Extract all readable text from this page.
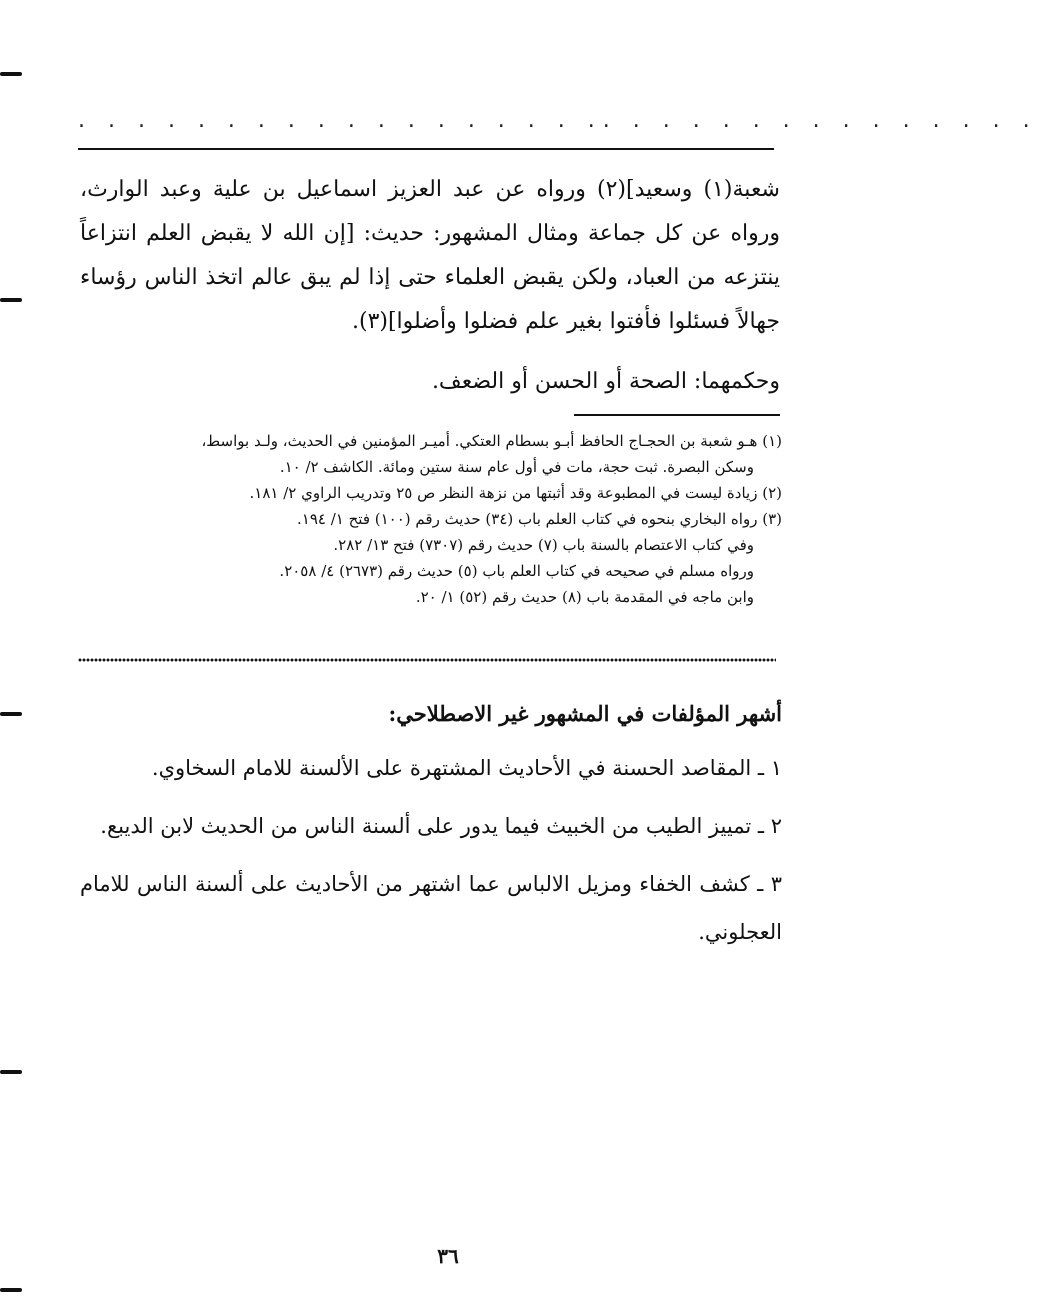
. . . . . . . . . . . . . . . . . . . . . . . . . . . . . . . . .

شعبة(١) وسعيد](٢) ورواه عن عبد العزيز اسماعيل بن علية وعبد الوارث، ورواه عن كل جماعة ومثال المشهور: حديث: [إن الله لا يقبض العلم انتزاعاً ينتزعه من العباد، ولكن يقبض العلماء حتى إذا لم يبق عالم اتخذ الناس رؤساء جهالاً فسئلوا فأفتوا بغير علم فضلوا وأضلوا](٣).

وحكمهما: الصحة أو الحسن أو الضعف.

(١) هـو شعبة بن الحجـاج الحافظ أبـو بسطام العتكي. أميـر المؤمنين في الحديث، ولـد بواسط،

وسكن البصرة. ثبت حجة، مات في أول عام سنة ستين ومائة. الكاشف ٢/ ١٠.

(٢) زيادة ليست في المطبوعة وقد أثبتها من نزهة النظر ص ٢٥ وتدريب الراوي ٢/ ١٨١.

(٣) رواه البخاري بنحوه في كتاب العلم باب (٣٤) حديث رقم (١٠٠) فتح ١/ ١٩٤.

وفي كتاب الاعتصام بالسنة باب (٧) حديث رقم (٧٣٠٧) فتح ١٣/ ٢٨٢.

ورواه مسلم في صحيحه في كتاب العلم باب (٥) حديث رقم (٢٦٧٣) ٤/ ٢٠٥٨.

وابن ماجه في المقدمة باب (٨) حديث رقم (٥٢) ١/ ٢٠.

أشهر المؤلفات في المشهور غير الاصطلاحي:

١ ـ المقاصد الحسنة في الأحاديث المشتهرة على الألسنة للامام السخاوي.

٢ ـ تمييز الطيب من الخبيث فيما يدور على ألسنة الناس من الحديث لابن الديبع.

٣ ـ كشف الخفاء ومزيل الالباس عما اشتهر من الأحاديث على ألسنة الناس للامام العجلوني.

٣٦
